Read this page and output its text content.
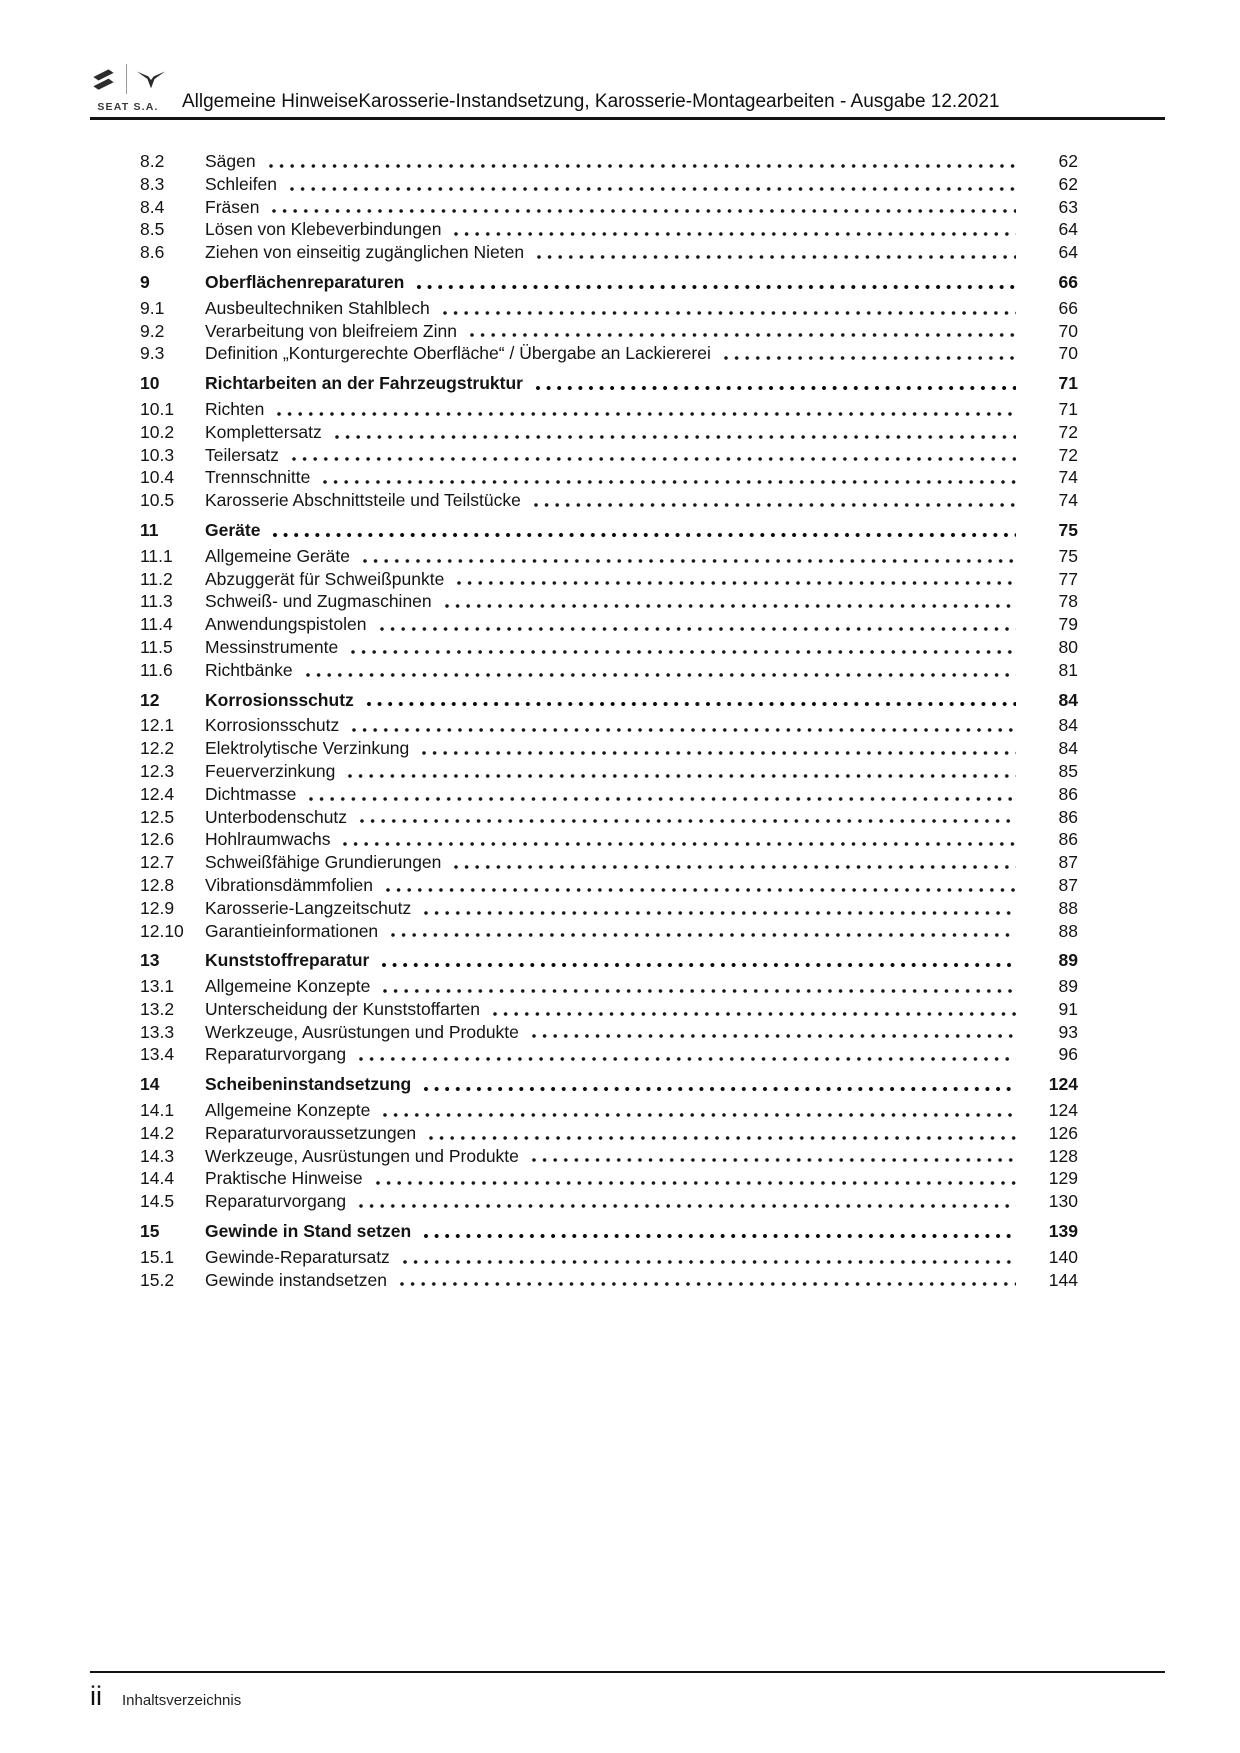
SEAT S.A. Allgemeine HinweiseKarosserie-Instandsetzung, Karosserie-Montagearbeiten - Ausgabe 12.2021
8.2	Sägen	62
8.3	Schleifen	62
8.4	Fräsen	63
8.5	Lösen von Klebeverbindungen	64
8.6	Ziehen von einseitig zugänglichen Nieten	64
9	Oberflächenreparaturen	66
9.1	Ausbeultechniken Stahlblech	66
9.2	Verarbeitung von bleifreiem Zinn	70
9.3	Definition „Konturgerechte Oberfläche“ / Übergabe an Lackiererei	70
10	Richtarbeiten an der Fahrzeugstruktur	71
10.1	Richten	71
10.2	Komplettersatz	72
10.3	Teilersatz	72
10.4	Trennschnitte	74
10.5	Karosserie Abschnittsteile und Teilstücke	74
11	Geräte	75
11.1	Allgemeine Geräte	75
11.2	Abzuggerät für Schweißpunkte	77
11.3	Schweiß- und Zugmaschinen	78
11.4	Anwendungspistolen	79
11.5	Messinstrumente	80
11.6	Richtbänke	81
12	Korrosionsschutz	84
12.1	Korrosionsschutz	84
12.2	Elektrolytische Verzinkung	84
12.3	Feuerverzinkung	85
12.4	Dichtmasse	86
12.5	Unterbodenschutz	86
12.6	Hohlraumwachs	86
12.7	Schweißfähige Grundierungen	87
12.8	Vibrationsdämmfolien	87
12.9	Karosserie-Langzeitschutz	88
12.10	Garantieinformationen	88
13	Kunststoffreparatur	89
13.1	Allgemeine Konzepte	89
13.2	Unterscheidung der Kunststoffarten	91
13.3	Werkzeuge, Ausrüstungen und Produkte	93
13.4	Reparaturvorgang	96
14	Scheibeninstandsetzung	124
14.1	Allgemeine Konzepte	124
14.2	Reparaturvoraussetzungen	126
14.3	Werkzeuge, Ausrüstungen und Produkte	128
14.4	Praktische Hinweise	129
14.5	Reparaturvorgang	130
15	Gewinde in Stand setzen	139
15.1	Gewinde-Reparatursatz	140
15.2	Gewinde instandsetzen	144
ii Inhaltsverzeichnis
